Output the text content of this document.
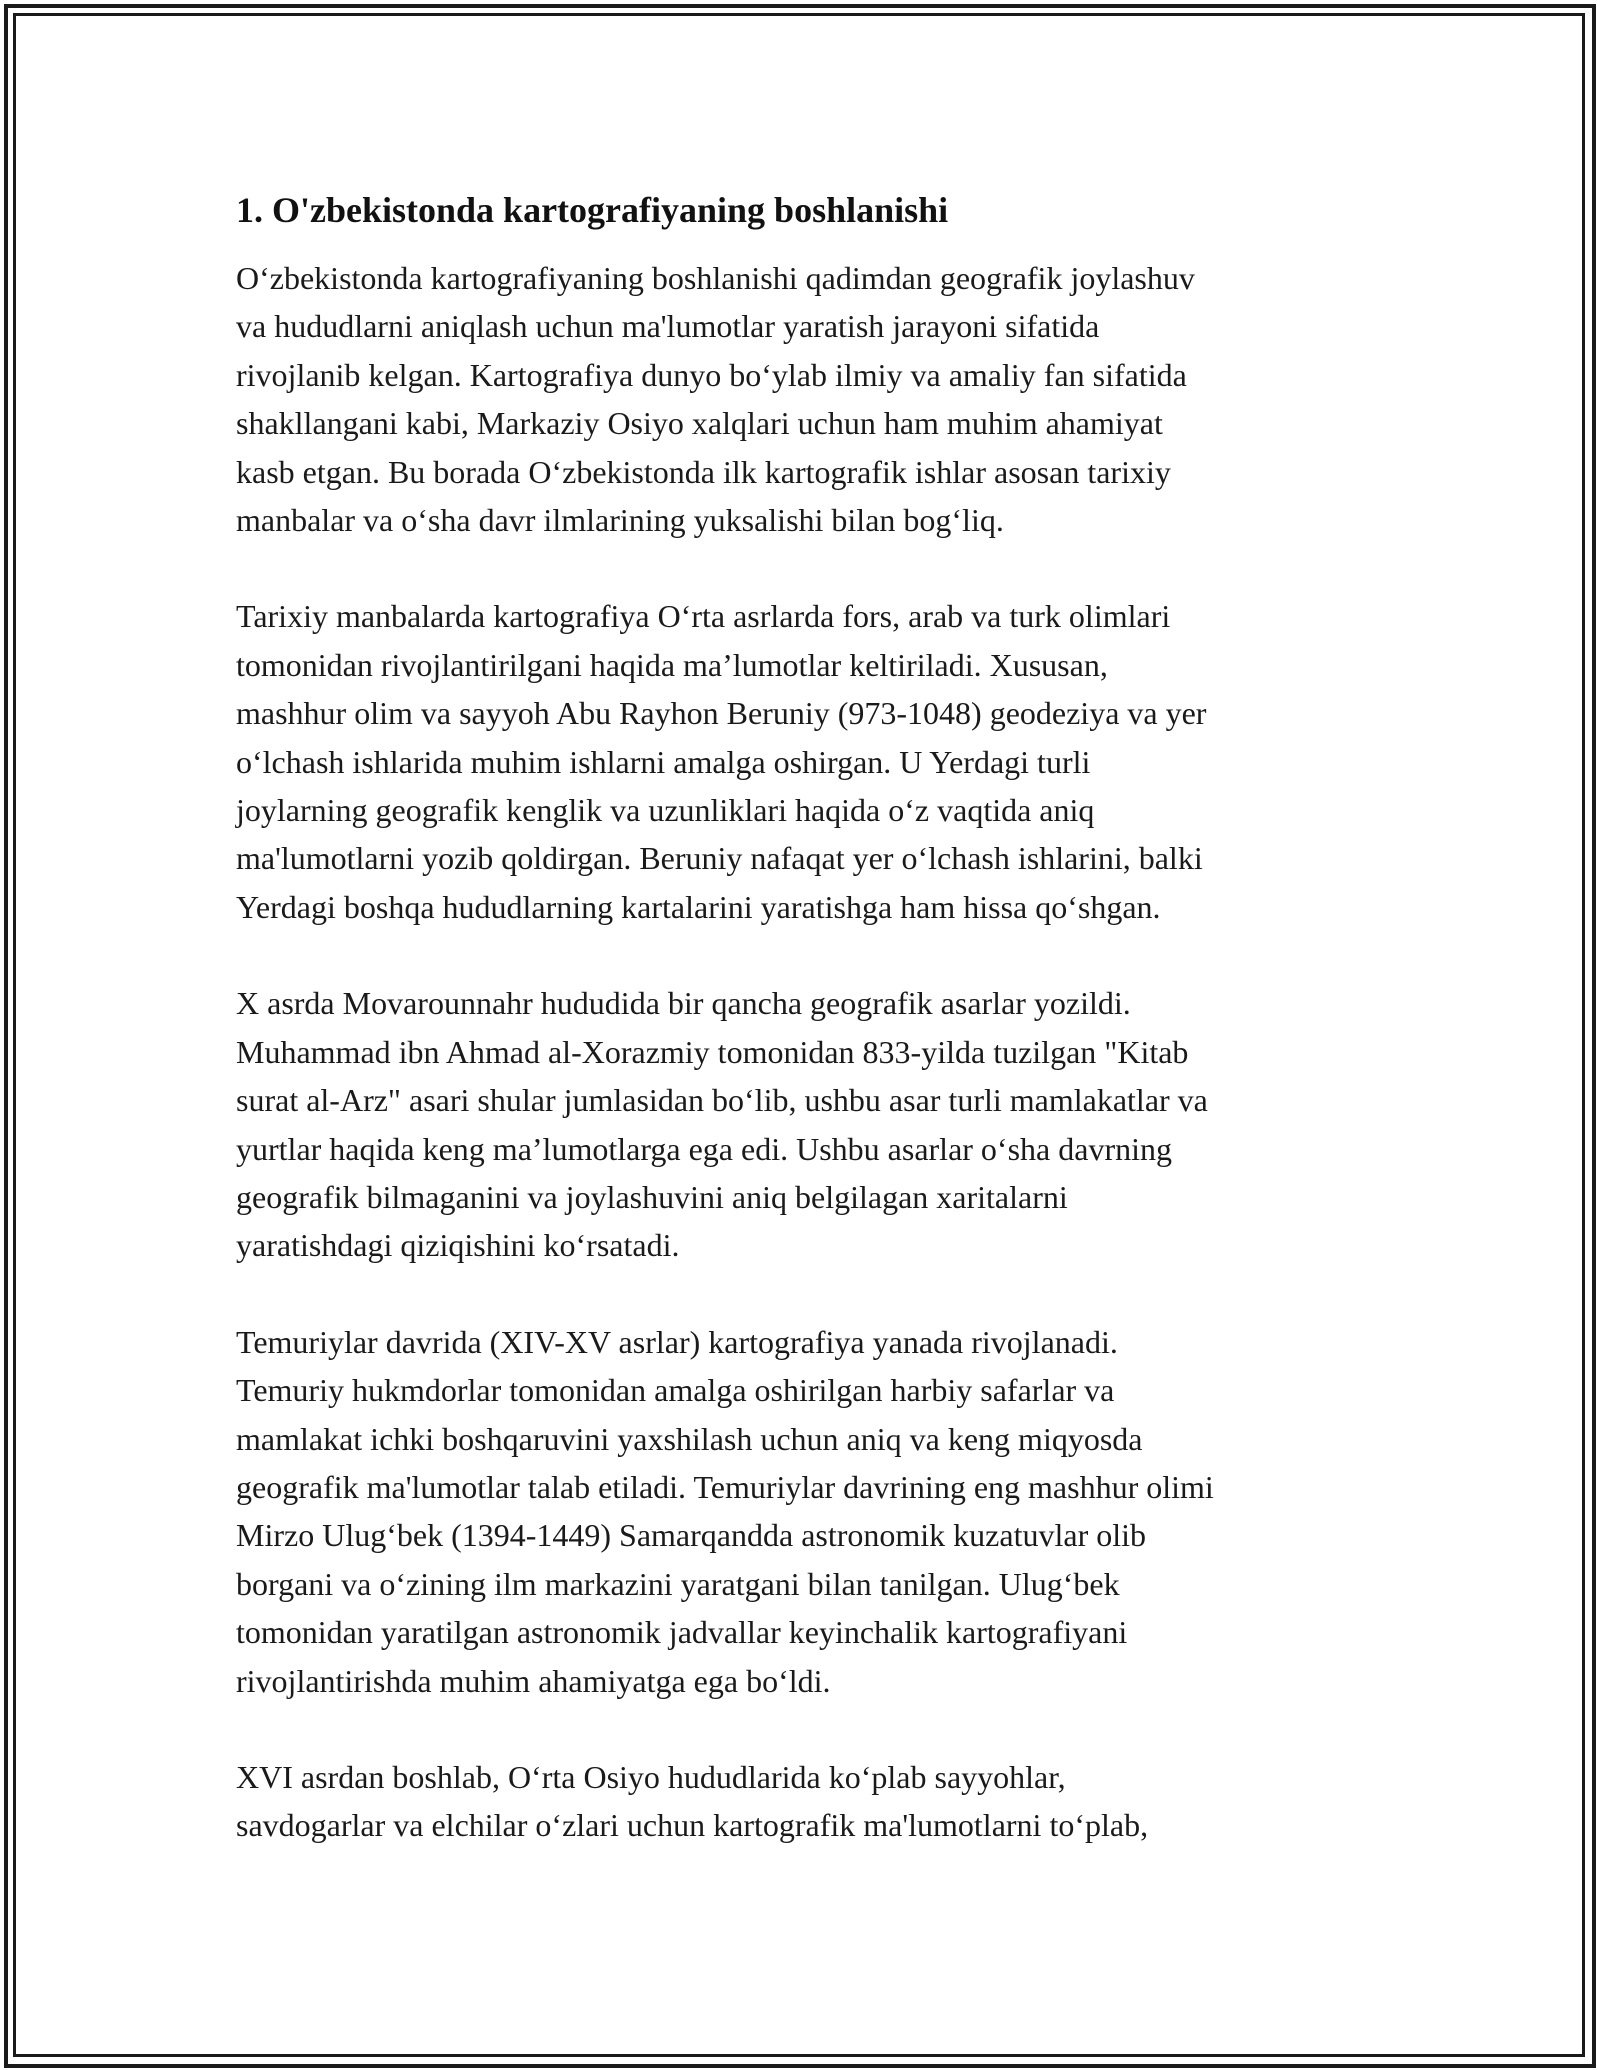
1. O'zbekistonda kartografiyaning boshlanishi

O‘zbekistonda kartografiyaning boshlanishi qadimdan geografik joylashuv
va hududlarni aniqlash uchun ma'lumotlar yaratish jarayoni sifatida
rivojlanib kelgan. Kartografiya dunyo bo‘ylab ilmiy va amaliy fan sifatida
shakllangani kabi, Markaziy Osiyo xalqlari uchun ham muhim ahamiyat
kasb etgan. Bu borada O‘zbekistonda ilk kartografik ishlar asosan tarixiy
manbalar va o‘sha davr ilmlarining yuksalishi bilan bog‘liq.

Tarixiy manbalarda kartografiya O‘rta asrlarda fors, arab va turk olimlari
tomonidan rivojlantirilgani haqida ma’lumotlar keltiriladi. Xususan,
mashhur olim va sayyoh Abu Rayhon Beruniy (973-1048) geodeziya va yer
o‘lchash ishlarida muhim ishlarni amalga oshirgan. U Yerdagi turli
joylarning geografik kenglik va uzunliklari haqida o‘z vaqtida aniq
ma'lumotlarni yozib qoldirgan. Beruniy nafaqat yer o‘lchash ishlarini, balki
Yerdagi boshqa hududlarning kartalarini yaratishga ham hissa qo‘shgan.

X asrda Movarounnahr hududida bir qancha geografik asarlar yozildi.
Muhammad ibn Ahmad al-Xorazmiy tomonidan 833-yilda tuzilgan "Kitab
surat al-Arz" asari shular jumlasidan bo‘lib, ushbu asar turli mamlakatlar va
yurtlar haqida keng ma’lumotlarga ega edi. Ushbu asarlar o‘sha davrning
geografik bilmaganini va joylashuvini aniq belgilagan xaritalarni
yaratishdagi qiziqishini ko‘rsatadi.

Temuriylar davrida (XIV-XV asrlar) kartografiya yanada rivojlanadi.
Temuriy hukmdorlar tomonidan amalga oshirilgan harbiy safarlar va
mamlakat ichki boshqaruvini yaxshilash uchun aniq va keng miqyosda
geografik ma'lumotlar talab etiladi. Temuriylar davrining eng mashhur olimi
Mirzo Ulug‘bek (1394-1449) Samarqandda astronomik kuzatuvlar olib
borgani va o‘zining ilm markazini yaratgani bilan tanilgan. Ulug‘bek
tomonidan yaratilgan astronomik jadvallar keyinchalik kartografiyani
rivojlantirishda muhim ahamiyatga ega bo‘ldi.

XVI asrdan boshlab, O‘rta Osiyo hududlarida ko‘plab sayyohlar,
savdogarlar va elchilar o‘zlari uchun kartografik ma'lumotlarni to‘plab,
